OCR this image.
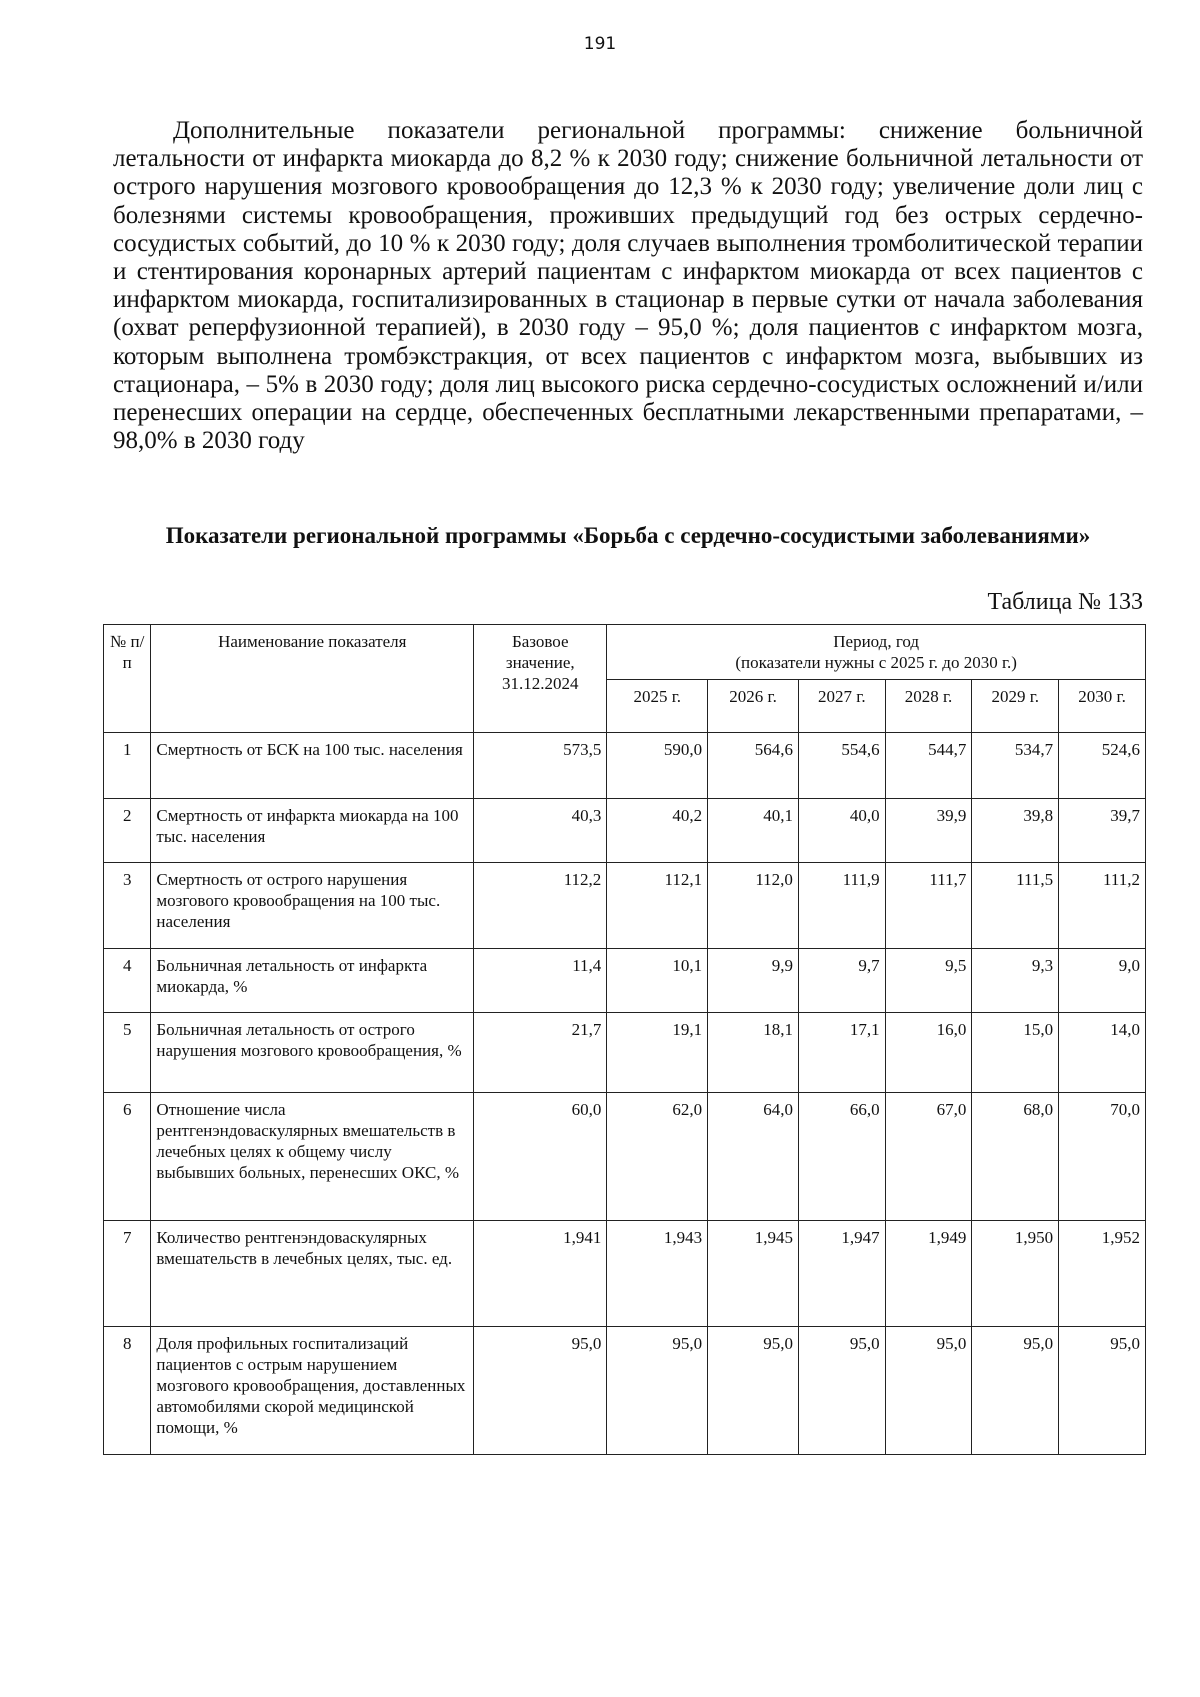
191

Дополнительные показатели региональной программы: снижение больничной летальности от инфаркта миокарда до 8,2 % к 2030 году; снижение больничной летальности от острого нарушения мозгового кровообращения до 12,3 % к 2030 году; увеличение доли лиц с болезнями системы кровообращения, проживших предыдущий год без острых сердечно-сосудистых событий, до 10 % к 2030 году; доля случаев выполнения тромболитической терапии и стентирования коронарных артерий пациентам с инфарктом миокарда от всех пациентов с инфарктом миокарда, госпитализированных в стационар в первые сутки от начала заболевания (охват реперфузионной терапией), в 2030 году – 95,0 %; доля пациентов с инфарктом мозга, которым выполнена тромбэкстракция, от всех пациентов с инфарктом мозга, выбывших из стационара, – 5% в 2030 году; доля лиц высокого риска сердечно-сосудистых осложнений и/или перенесших операции на сердце, обеспеченных бесплатными лекарственными препаратами, – 98,0% в 2030 году

Показатели региональной программы «Борьба с сердечно-сосудистыми заболеваниями»
Таблица № 133
№ п/п	Наименование показателя	Базовое значение, 31.12.2024	Период, год
(показатели нужны с 2025 г. до 2030 г.)					

			2025 г.	2026 г.	2027 г.	2028 г.	2029 г.	2030 г.
1	Смертность от БСК на 100 тыс. населения	573,5	590,0	564,6	554,6	544,7	534,7	524,6
2	Смертность от инфаркта миокарда на 100 тыс. населения	40,3	40,2	40,1	40,0	39,9	39,8	39,7
3	Смертность от острого нарушения мозгового кровообращения на 100 тыс. населения	112,2	112,1	112,0	111,9	111,7	111,5	111,2
4	Больничная летальность от инфаркта миокарда, %	11,4	10,1	9,9	9,7	9,5	9,3	9,0
5	Больничная летальность от острого нарушения мозгового кровообращения, %	21,7	19,1	18,1	17,1	16,0	15,0	14,0
6	Отношение числа рентгенэндоваскулярных вмешательств в лечебных целях к общему числу выбывших больных, перенесших ОКС, %	60,0	62,0	64,0	66,0	67,0	68,0	70,0
7	Количество рентгенэндоваскулярных вмешательств в лечебных целях, тыс. ед.	1,941	1,943	1,945	1,947	1,949	1,950	1,952
8	Доля профильных госпитализаций пациентов с острым нарушением мозгового кровообращения, доставленных автомобилями скорой медицинской помощи, %	95,0	95,0	95,0	95,0	95,0	95,0	95,0
